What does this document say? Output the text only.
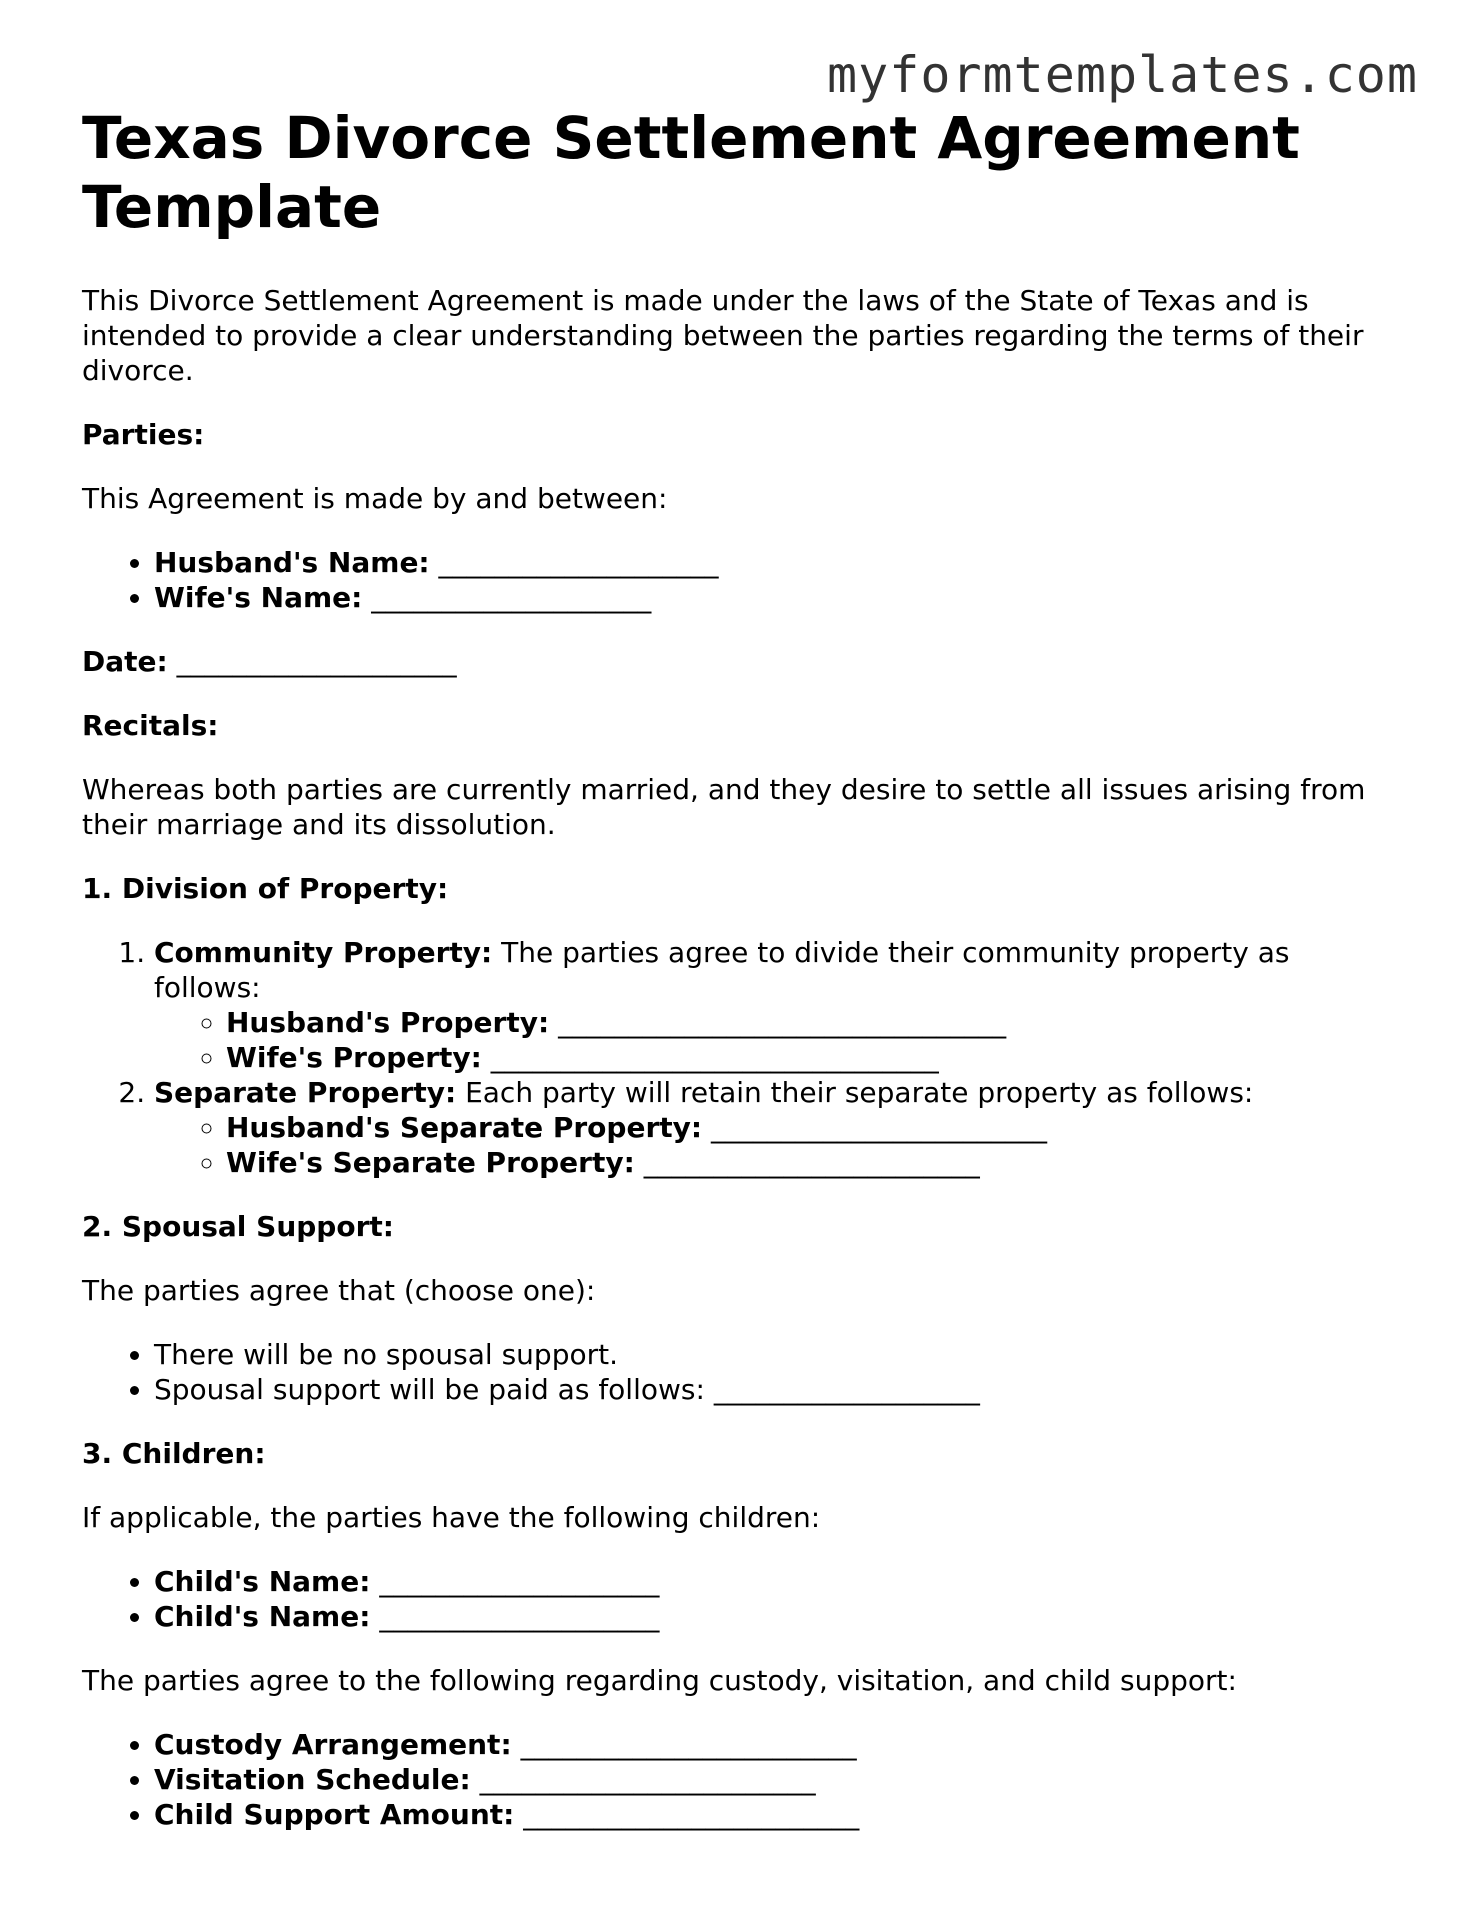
myformtemplates.com
Texas Divorce Settlement Agreement Template

This Divorce Settlement Agreement is made under the laws of the State of Texas and is intended to provide a clear understanding between the parties regarding the terms of their divorce.

Parties:

This Agreement is made by and between:

• Husband's Name: ____________________
• Wife's Name: ____________________

Date: ____________________

Recitals:

Whereas both parties are currently married, and they desire to settle all issues arising from their marriage and its dissolution.

1. Division of Property:

1. Community Property: The parties agree to divide their community property as follows:
◦ Husband's Property: ________________________________
◦ Wife's Property: ________________________________
2. Separate Property: Each party will retain their separate property as follows:
◦ Husband's Separate Property: ________________________
◦ Wife's Separate Property: ________________________

2. Spousal Support:

The parties agree that (choose one):

• There will be no spousal support.
• Spousal support will be paid as follows: ___________________

3. Children:

If applicable, the parties have the following children:

• Child's Name: ____________________
• Child's Name: ____________________

The parties agree to the following regarding custody, visitation, and child support:

• Custody Arrangement: ________________________
• Visitation Schedule: ________________________
• Child Support Amount: ________________________
